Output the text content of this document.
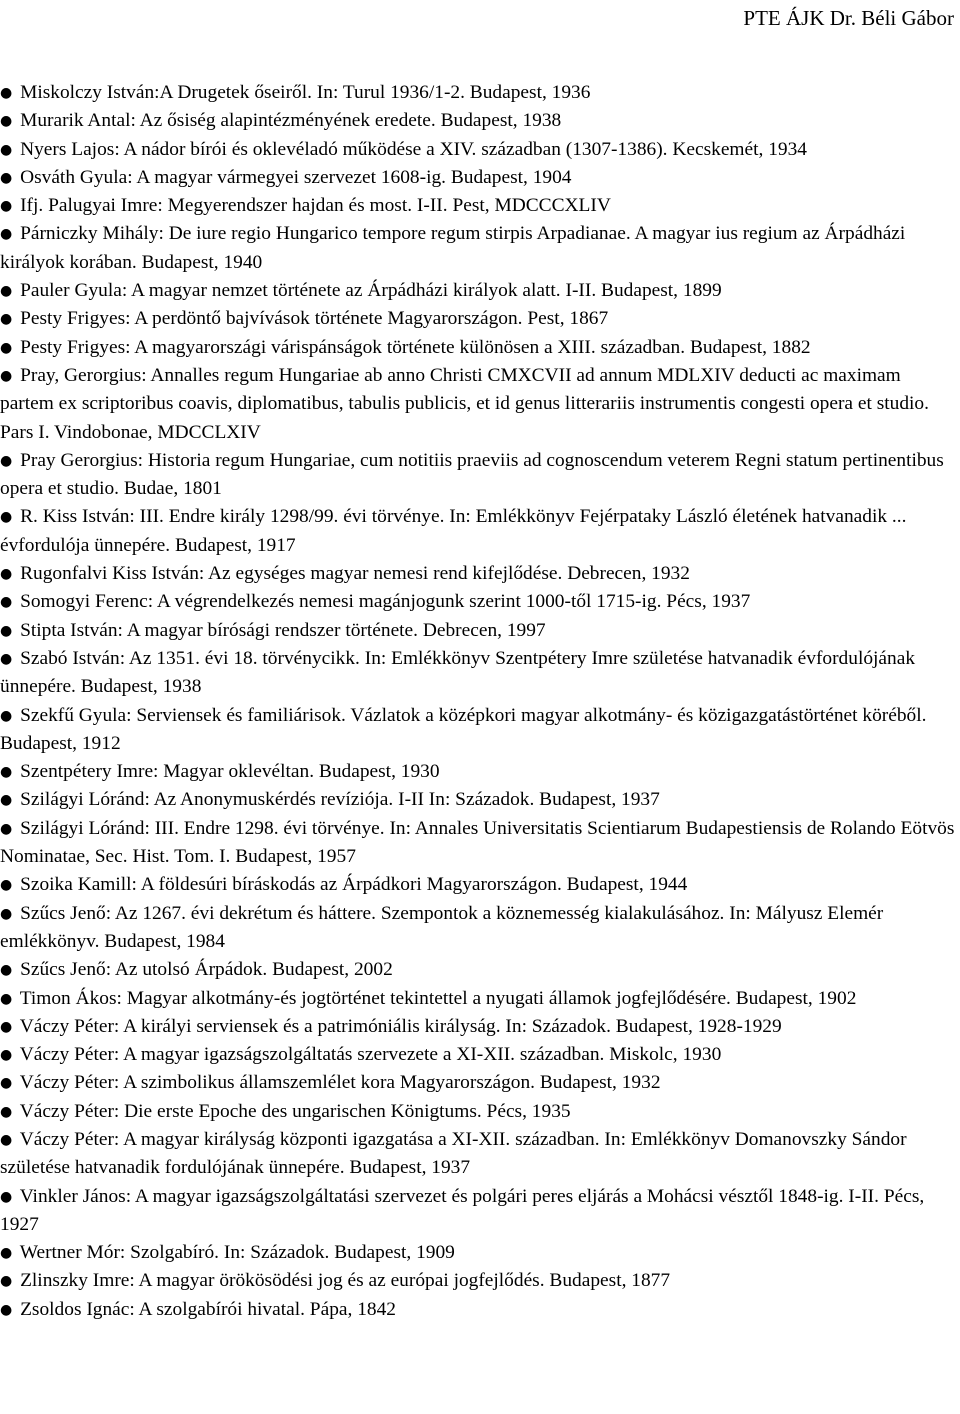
PTE ÁJK Dr. Béli Gábor
● Miskolczy István:A Drugetek őseiről. In: Turul 1936/1-2. Budapest, 1936
● Murarik Antal: Az ősiség alapintézményének eredete. Budapest, 1938
● Nyers Lajos: A nádor bírói és oklevéladó működése a XIV. században (1307-1386). Kecskemét, 1934
● Osváth Gyula: A magyar vármegyei szervezet 1608-ig. Budapest, 1904
● Ifj. Palugyai Imre: Megyerendszer hajdan és most. I-II. Pest, MDCCCXLIV
● Párniczky Mihály: De iure regio Hungarico tempore regum stirpis Arpadianae. A magyar ius regium az Árpádházi királyok korában. Budapest, 1940
● Pauler Gyula: A magyar nemzet története az Árpádházi királyok alatt. I-II. Budapest, 1899
● Pesty Frigyes: A perdöntő bajvívások története Magyarországon. Pest, 1867
● Pesty Frigyes: A magyarországi várispánságok története különösen a XIII. században. Budapest, 1882
● Pray, Gerorgius: Annalles regum Hungariae ab anno Christi CMXCVII ad annum MDLXIV deducti ac maximam partem ex scriptoribus coavis, diplomatibus, tabulis publicis, et id genus litterariis instrumentis congesti opera et studio. Pars I. Vindobonae, MDCCLXIV
● Pray Gerorgius: Historia regum Hungariae, cum notitiis praeviis ad cognoscendum veterem Regni statum pertinentibus opera et studio. Budae, 1801
● R. Kiss István: III. Endre király 1298/99. évi törvénye. In: Emlékkönyv Fejérpataky László életének hatvanadik ... évfordulója ünnepére. Budapest, 1917
● Rugonfalvi Kiss István: Az egységes magyar nemesi rend kifejlődése. Debrecen, 1932
● Somogyi Ferenc: A végrendelkezés nemesi magánjogunk szerint 1000-től 1715-ig. Pécs, 1937
● Stipta István: A magyar bírósági rendszer története. Debrecen, 1997
● Szabó István: Az 1351. évi 18. törvénycikk. In: Emlékkönyv Szentpétery Imre születése hatvanadik évfordulójának ünnepére. Budapest, 1938
● Szekfű Gyula: Serviensek és familiárisok. Vázlatok a középkori magyar alkotmány- és közigazgatástörténet köréből. Budapest, 1912
● Szentpétery Imre: Magyar oklevéltan. Budapest, 1930
● Szilágyi Lóránd: Az Anonymuskérdés revíziója. I-II In: Századok. Budapest, 1937
● Szilágyi Lóránd: III. Endre 1298. évi törvénye. In: Annales Universitatis Scientiarum Budapestiensis de Rolando Eötvös Nominatae, Sec. Hist. Tom. I. Budapest, 1957
● Szoika Kamill: A földesúri bíráskodás az Árpádkori Magyarországon. Budapest, 1944
● Szűcs Jenő: Az 1267. évi dekrétum és háttere. Szempontok a köznemesség kialakulásához. In: Mályusz Elemér emlékkönyv. Budapest, 1984
● Szűcs Jenő: Az utolsó Árpádok. Budapest, 2002
● Timon Ákos: Magyar alkotmány-és jogtörténet tekintettel a nyugati államok jogfejlődésére. Budapest, 1902
● Váczy Péter: A királyi serviensek és a patrimóniális királyság. In: Századok. Budapest, 1928-1929
● Váczy Péter: A magyar igazságszolgáltatás szervezete a XI-XII. században. Miskolc, 1930
● Váczy Péter: A szimbolikus államszemlélet kora Magyarországon. Budapest, 1932
● Váczy Péter: Die erste Epoche des ungarischen Königtums. Pécs, 1935
● Váczy Péter: A magyar királyság központi igazgatása a XI-XII. században. In: Emlékkönyv Domanovszky Sándor születése hatvanadik fordulójának ünnepére. Budapest, 1937
● Vinkler János: A magyar igazságszolgáltatási szervezet és polgári peres eljárás a Mohácsi vésztől 1848-ig. I-II. Pécs, 1927
● Wertner Mór: Szolgabíró. In: Századok. Budapest, 1909
● Zlinszky Imre: A magyar örökösödési jog és az európai jogfejlődés. Budapest, 1877
● Zsoldos Ignác: A szolgabírói hivatal. Pápa, 1842
